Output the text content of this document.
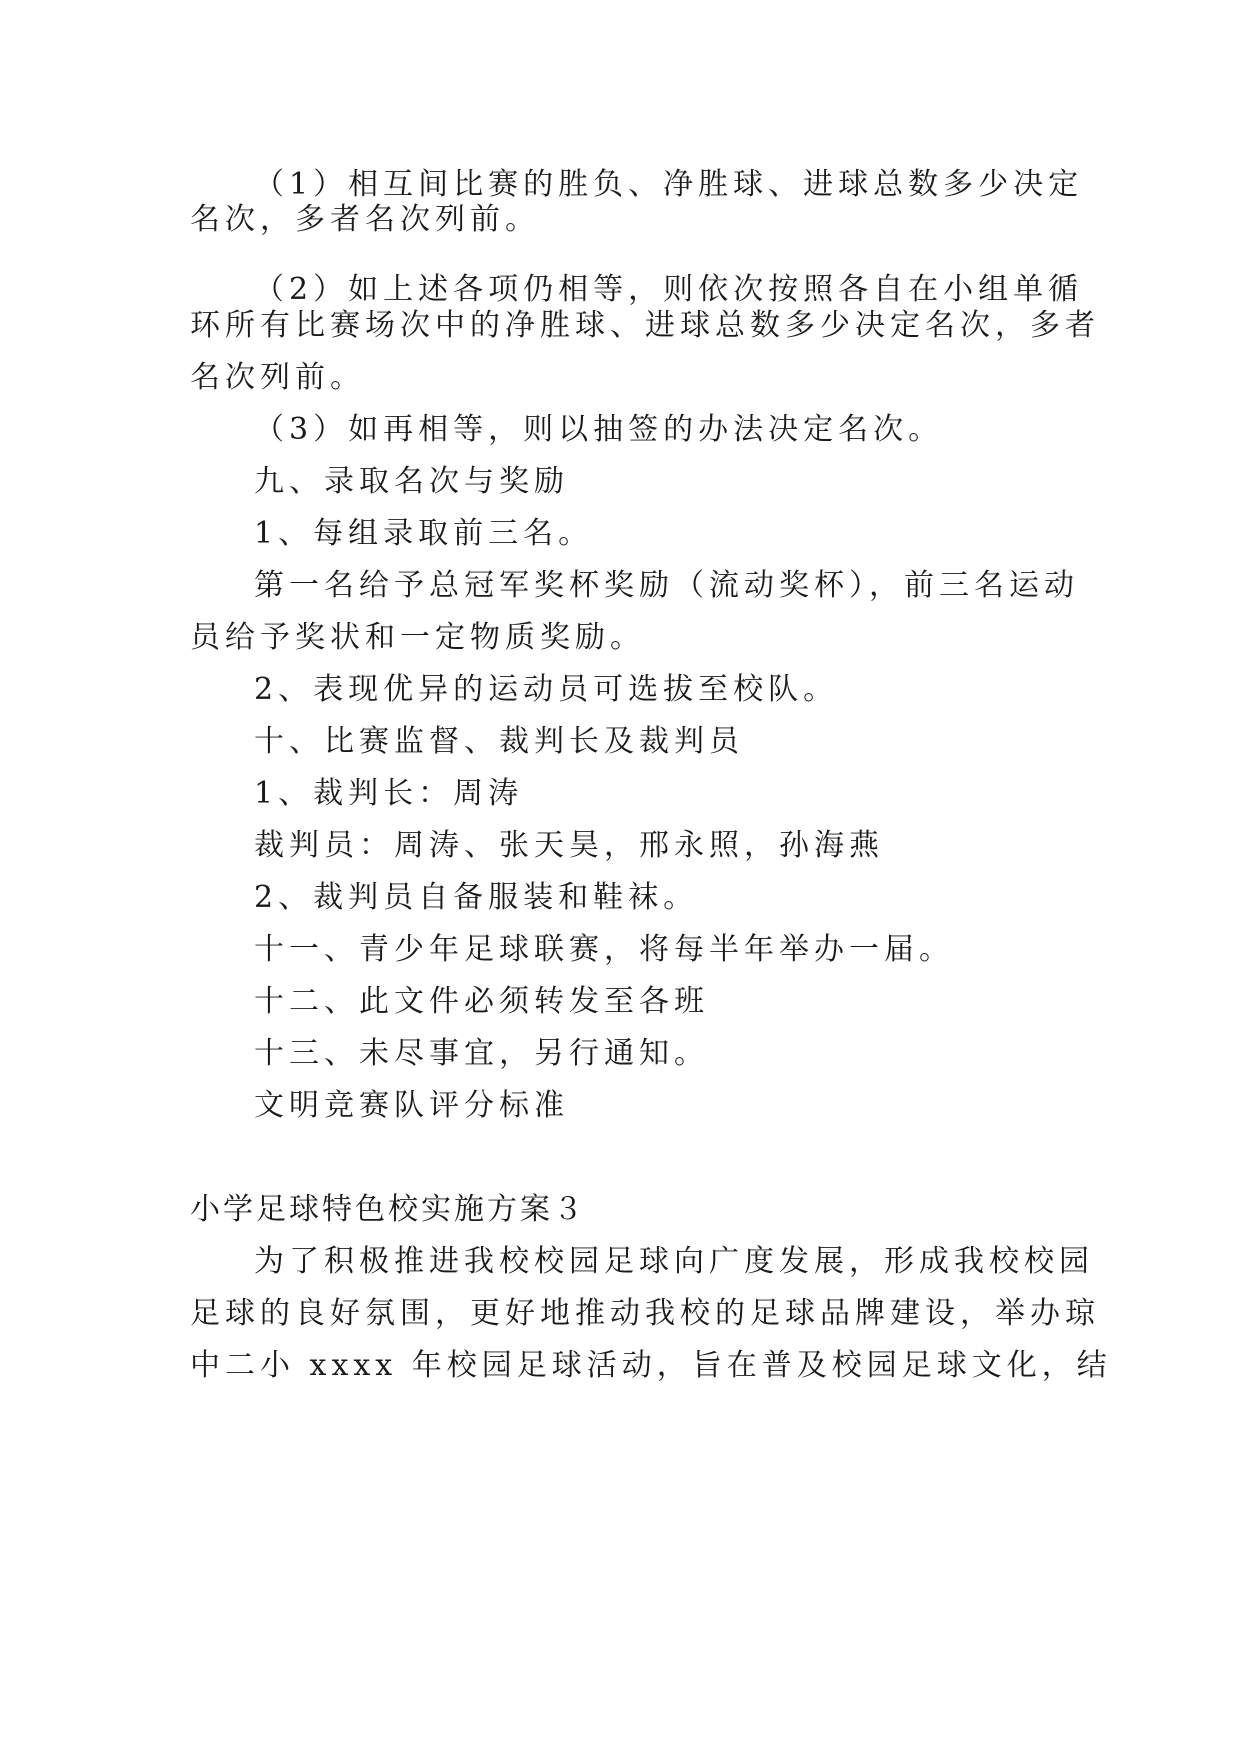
（1）相互间比赛的胜负、净胜球、进球总数多少决定
名次，多者名次列前。
（2）如上述各项仍相等，则依次按照各自在小组单循
环所有比赛场次中的净胜球、进球总数多少决定名次，多者
名次列前。
（3）如再相等，则以抽签的办法决定名次。
九、录取名次与奖励
1、每组录取前三名。
第一名给予总冠军奖杯奖励（流动奖杯），前三名运动
员给予奖状和一定物质奖励。
2、表现优异的运动员可选拔至校队。
十、比赛监督、裁判长及裁判员
1、裁判长：周涛
裁判员：周涛、张天昊，邢永照，孙海燕
2、裁判员自备服装和鞋袜。
十一、青少年足球联赛，将每半年举办一届。
十二、此文件必须转发至各班
十三、未尽事宜，另行通知。
文明竞赛队评分标准
小学足球特色校实施方案３
为了积极推进我校校园足球向广度发展，形成我校校园
足球的良好氛围，更好地推动我校的足球品牌建设，举办琼
中二小 xxxx 年校园足球活动，旨在普及校园足球文化，结
